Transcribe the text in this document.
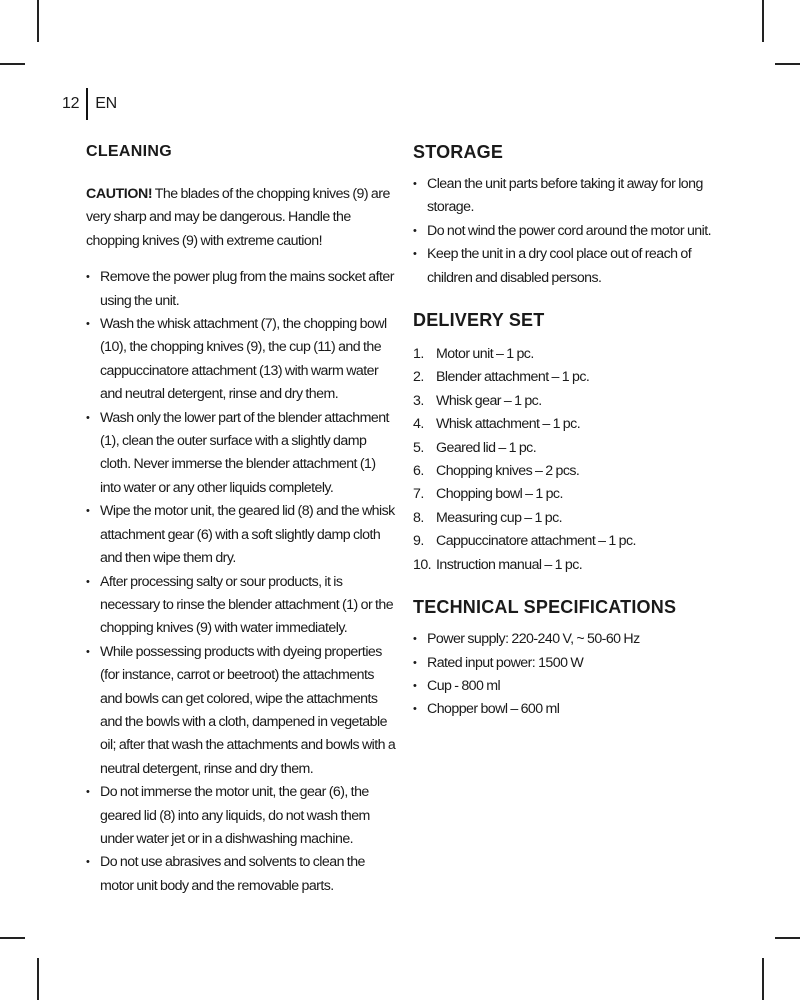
12 EN
CLEANING

CAUTION! The blades of the chopping knives (9) are very sharp and may be dangerous. Handle the chopping knives (9) with extreme caution!

• Remove the power plug from the mains socket after using the unit.
• Wash the whisk attachment (7), the chopping bowl (10), the chopping knives (9), the cup (11) and the cappuccinatore attachment (13) with warm water and neutral detergent, rinse and dry them.
• Wash only the lower part of the blender attachment (1), clean the outer surface with a slightly damp cloth. Never immerse the blender attachment (1) into water or any other liquids completely.
• Wipe the motor unit, the geared lid (8) and the whisk attachment gear (6) with a soft slightly damp cloth and then wipe them dry.
• After processing salty or sour products, it is necessary to rinse the blender attachment (1) or the chopping knives (9) with water immediately.
• While possessing products with dyeing properties (for instance, carrot or beetroot) the attachments and bowls can get colored, wipe the attachments and the bowls with a cloth, dampened in vegetable oil; after that wash the attachments and bowls with a neutral detergent, rinse and dry them.
• Do not immerse the motor unit, the gear (6), the geared lid (8) into any liquids, do not wash them under water jet or in a dishwashing machine.
• Do not use abrasives and solvents to clean the motor unit body and the removable parts.
STORAGE
• Clean the unit parts before taking it away for long storage.
• Do not wind the power cord around the motor unit.
• Keep the unit in a dry cool place out of reach of children and disabled persons.
DELIVERY SET
1. Motor unit – 1 pc.
2. Blender attachment – 1 pc.
3. Whisk gear – 1 pc.
4. Whisk attachment – 1 pc.
5. Geared lid – 1 pc.
6. Chopping knives – 2 pcs.
7. Chopping bowl – 1 pc.
8. Measuring cup – 1 pc.
9. Cappuccinatore attachment – 1 pc.
10. Instruction manual – 1 pc.
TECHNICAL SPECIFICATIONS
• Power supply: 220-240 V, ~ 50-60 Hz
• Rated input power: 1500 W
• Cup - 800 ml
• Chopper bowl – 600 ml
